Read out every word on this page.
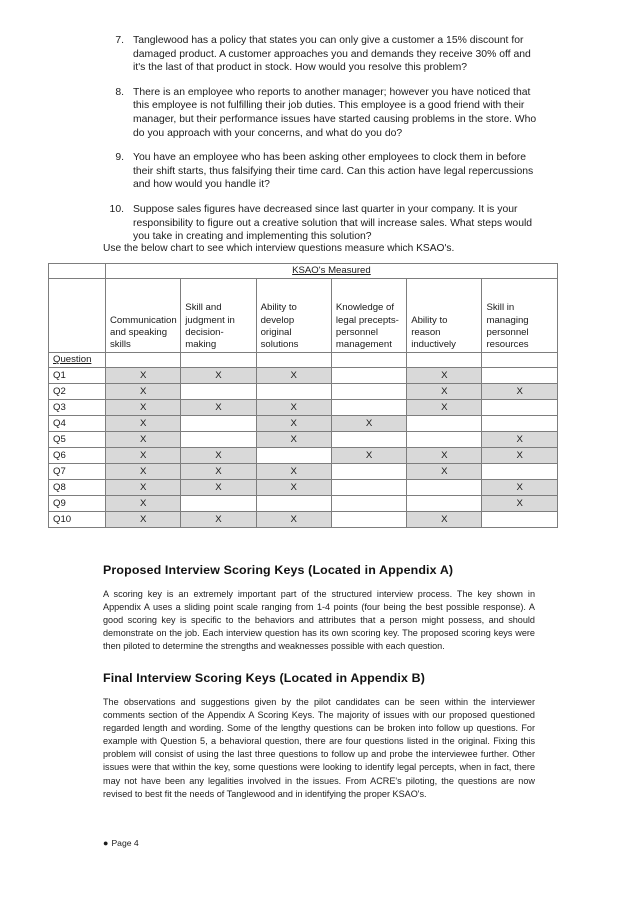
7. Tanglewood has a policy that states you can only give a customer a 15% discount for damaged product. A customer approaches you and demands they receive 30% off and it's the last of that product in stock. How would you resolve this problem?
8. There is an employee who reports to another manager; however you have noticed that this employee is not fulfilling their job duties. This employee is a good friend with their manager, but their performance issues have started causing problems in the store. Who do you approach with your concerns, and what do you do?
9. You have an employee who has been asking other employees to clock them in before their shift starts, thus falsifying their time card. Can this action have legal repercussions and how would you handle it?
10. Suppose sales figures have decreased since last quarter in your company. It is your responsibility to figure out a creative solution that will increase sales. What steps would you take in creating and implementing this solution?
Use the below chart to see which interview questions measure which KSAO's.
	KSAO's Measured					
	Communication and speaking skills	Skill and judgment in decision-making	Ability to develop original solutions	Knowledge of legal precepts-personnel management	Ability to reason inductively	Skill in managing personnel resources
Question						
Q1	X	X	X		X	
Q2	X				X	X
Q3	X	X	X		X	
Q4	X		X	X		
Q5	X		X			X
Q6	X	X		X	X	X
Q7	X	X	X		X	
Q8	X	X	X			X
Q9	X					X
Q10	X	X	X		X	
Proposed Interview Scoring Keys (Located in Appendix A)

A scoring key is an extremely important part of the structured interview process. The key shown in Appendix A uses a sliding point scale ranging from 1-4 points (four being the best possible response). A good scoring key is specific to the behaviors and attributes that a person might possess, and should demonstrate on the job. Each interview question has its own scoring key. The proposed scoring keys were then piloted to determine the strengths and weaknesses possible with each question.

Final Interview Scoring Keys (Located in Appendix B)

The observations and suggestions given by the pilot candidates can be seen within the interviewer comments section of the Appendix A Scoring Keys. The majority of issues with our proposed questioned regarded length and wording. Some of the lengthy questions can be broken into follow up questions. For example with Question 5, a behavioral question, there are four questions listed in the original. Fixing this problem will consist of using the last three questions to follow up and probe the interviewee further. Other issues were that within the key, some questions were looking to identify legal percepts, when in fact, there may not have been any legalities involved in the issues. From ACRE's piloting, the questions are now revised to best fit the needs of Tanglewood and in identifying the proper KSAO's.

● Page 4
